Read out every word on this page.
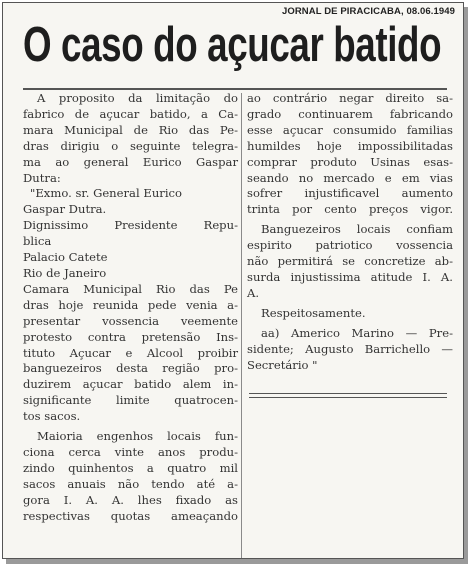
JORNAL DE PIRACICABA, 08.06.1949
O caso do açucar batido
A proposito da limitação do
fabrico de açucar batido, a Ca-
mara Municipal de Rio das Pe-
dras dirigiu o seguinte telegra-
ma ao general Eurico Gaspar
Dutra:
"Exmo. sr. General Eurico
Gaspar Dutra.
Dignissimo Presidente Repu-
blica
Palacio Catete
Rio de Janeiro
Camara Municipal Rio das Pe
dras hoje reunida pede venia a-
presentar vossencia veemente
protesto contra pretensão Ins-
tituto Açucar e Alcool proibir
banguezeiros desta região pro-
duzirem açucar batido alem in-
significante limite quatrocen-
tos sacos.
Maioria engenhos locais fun-
ciona cerca vinte anos produ-
zindo quinhentos a quatro mil
sacos anuais não tendo até a-
gora I. A. A. lhes fixado as
respectivas quotas ameaçando
ao contrário negar direito sa-
grado continuarem fabricando
esse açucar consumido familias
humildes hoje impossibilitadas
comprar produto Usinas esas-
seando no mercado e em vias
sofrer injustificavel aumento
trinta por cento preços vigor.
Banguezeiros locais confiam
espirito patriotico vossencia
não permitirá se concretize ab-
surda injustissima atitude I. A.
A.
Respeitosamente.
aa) Americo Marino — Pre-
sidente; Augusto Barrichello —
Secretário "
